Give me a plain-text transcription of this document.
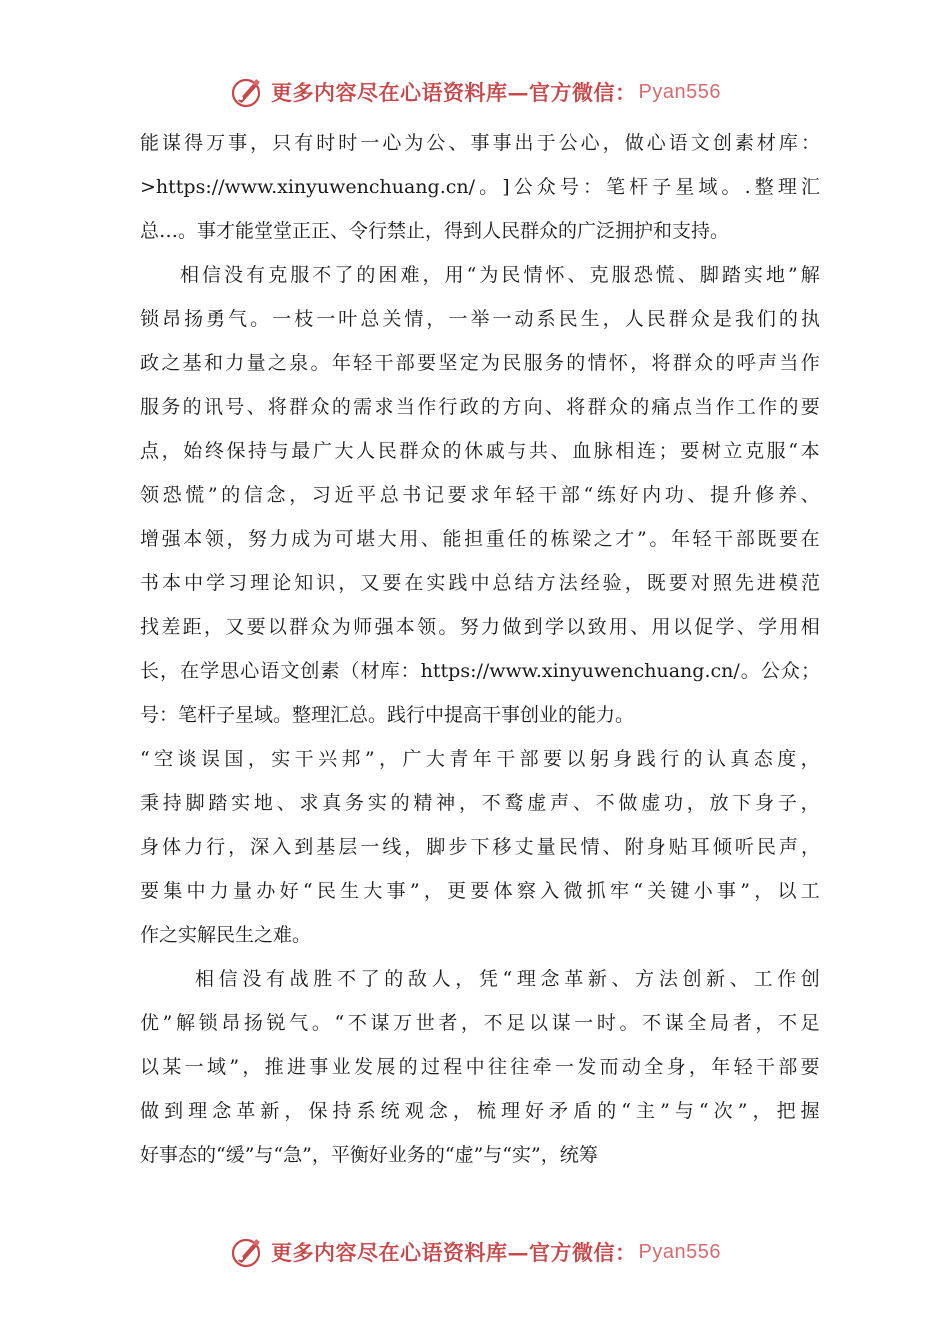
更多内容尽在心语资料库—官方微信： Pyan556
能 谋 得 万 事 ， 只 有 时 时 一 心 为 公 、 事 事 出 于 公 心 ， 做 心 语 文 创 素 材 库 ：
>https://www.xinyuwenchuang.cn/ 。 ] 公 众 号 ： 笔 杆 子 星 域 。 . 整 理 汇
总…。事才能堂堂正正、令行禁止，得到人民群众的广泛拥护和支持。
相 信 没 有 克 服 不 了 的 困 难 ， 用 “ 为 民 情 怀 、 克 服 恐 慌 、 脚 踏 实 地 ” 解
锁 昂 扬 勇 气 。 一 枝 一 叶 总 关 情 ， 一 举 一 动 系 民 生 ， 人 民 群 众 是 我 们 的 执
政 之 基 和 力 量 之 泉 。 年 轻 干 部 要 坚 定 为 民 服 务 的 情 怀 ， 将 群 众 的 呼 声 当 作
服 务 的 讯 号 、 将 群 众 的 需 求 当 作 行 政 的 方 向 、 将 群 众 的 痛 点 当 作 工 作 的 要
点 ， 始 终 保 持 与 最 广 大 人 民 群 众 的 休 戚 与 共 、 血 脉 相 连 ； 要 树 立 克 服 “ 本
领 恐 慌 ” 的 信 念 ， 习 近 平 总 书 记 要 求 年 轻 干 部 “ 练 好 内 功 、 提 升 修 养 、
增 强 本 领 ， 努 力 成 为 可 堪 大 用 、 能 担 重 任 的 栋 梁 之 才 ” 。 年 轻 干 部 既 要 在
书 本 中 学 习 理 论 知 识 ， 又 要 在 实 践 中 总 结 方 法 经 验 ， 既 要 对 照 先 进 模 范
找 差 距 ， 又 要 以 群 众 为 师 强 本 领 。 努 力 做 到 学 以 致 用 、 用 以 促 学 、 学 用 相
长 ， 在 学 思 心 语 文 创 素 （ 材 库 ： https://www.xinyuwenchuang.cn/ 。 公 众 ；
号：笔杆子星域。整理汇总。践行中提高干事创业的能力。
“ 空 谈 误 国 ， 实 干 兴 邦 ” ， 广 大 青 年 干 部 要 以 躬 身 践 行 的 认 真 态 度 ，
秉 持 脚 踏 实 地 、 求 真 务 实 的 精 神 ， 不 鹜 虚 声 、 不 做 虚 功 ， 放 下 身 子 ，
身 体 力 行 ， 深 入 到 基 层 一 线 ， 脚 步 下 移 丈 量 民 情 、 附 身 贴 耳 倾 听 民 声 ，
要 集 中 力 量 办 好 “ 民 生 大 事 ” ， 更 要 体 察 入 微 抓 牢 “ 关 键 小 事 ” ， 以 工
作之实解民生之难。
相 信 没 有 战 胜 不 了 的 敌 人 ， 凭 “ 理 念 革 新 、 方 法 创 新 、 工 作 创
优 ” 解 锁 昂 扬 锐 气 。 “ 不 谋 万 世 者 ， 不 足 以 谋 一 时 。 不 谋 全 局 者 ， 不 足
以 某 一 域 ” ， 推 进 事 业 发 展 的 过 程 中 往 往 牵 一 发 而 动 全 身 ， 年 轻 干 部 要
做 到 理 念 革 新 ， 保 持 系 统 观 念 ， 梳 理 好 矛 盾 的 “ 主 ” 与 “ 次 ” ， 把 握
好事态的“缓”与“急”，平衡好业务的“虚”与“实”，统筹
更多内容尽在心语资料库—官方微信： Pyan556
